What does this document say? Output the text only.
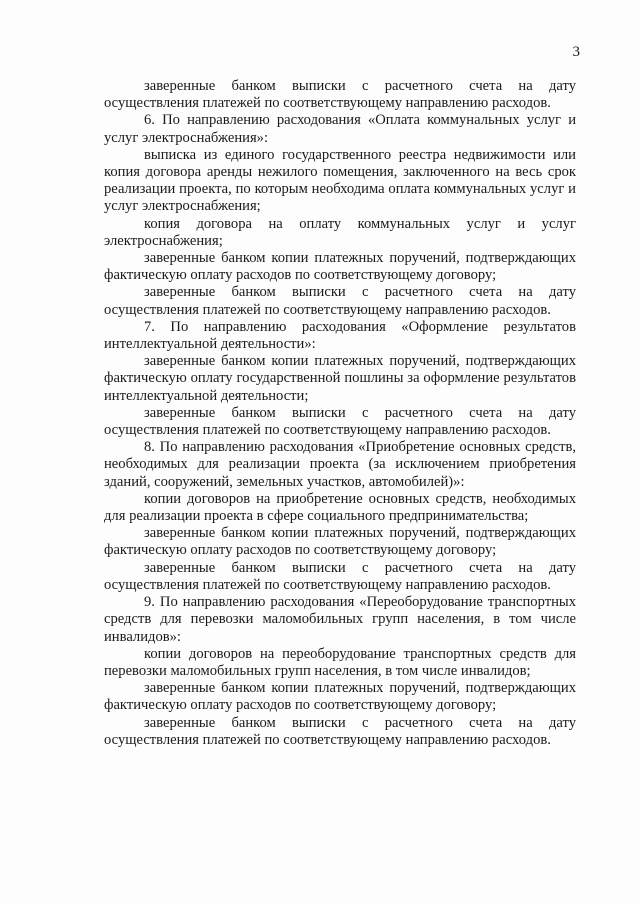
3

заверенные банком выписки с расчетного счета на дату осуществления платежей по соответствующему направлению расходов.

6. По направлению расходования «Оплата коммунальных услуг и услуг электроснабжения»:

выписка из единого государственного реестра недвижимости или копия договора аренды нежилого помещения, заключенного на весь срок реализации проекта, по которым необходима оплата коммунальных услуг и услуг электроснабжения;

копия договора на оплату коммунальных услуг и услуг электроснабжения;

заверенные банком копии платежных поручений, подтверждающих фактическую оплату расходов по соответствующему договору;

заверенные банком выписки с расчетного счета на дату осуществления платежей по соответствующему направлению расходов.

7. По направлению расходования «Оформление результатов интеллектуальной деятельности»:

заверенные банком копии платежных поручений, подтверждающих фактическую оплату государственной пошлины за оформление результатов интеллектуальной деятельности;

заверенные банком выписки с расчетного счета на дату осуществления платежей по соответствующему направлению расходов.

8. По направлению расходования «Приобретение основных средств, необходимых для реализации проекта (за исключением приобретения зданий, сооружений, земельных участков, автомобилей)»:

копии договоров на приобретение основных средств, необходимых для реализации проекта в сфере социального предпринимательства;

заверенные банком копии платежных поручений, подтверждающих фактическую оплату расходов по соответствующему договору;

заверенные банком выписки с расчетного счета на дату осуществления платежей по соответствующему направлению расходов.

9. По направлению расходования «Переоборудование транспортных средств для перевозки маломобильных групп населения, в том числе инвалидов»:

копии договоров на переоборудование транспортных средств для перевозки маломобильных групп населения, в том числе инвалидов;

заверенные банком копии платежных поручений, подтверждающих фактическую оплату расходов по соответствующему договору;

заверенные банком выписки с расчетного счета на дату осуществления платежей по соответствующему направлению расходов.
